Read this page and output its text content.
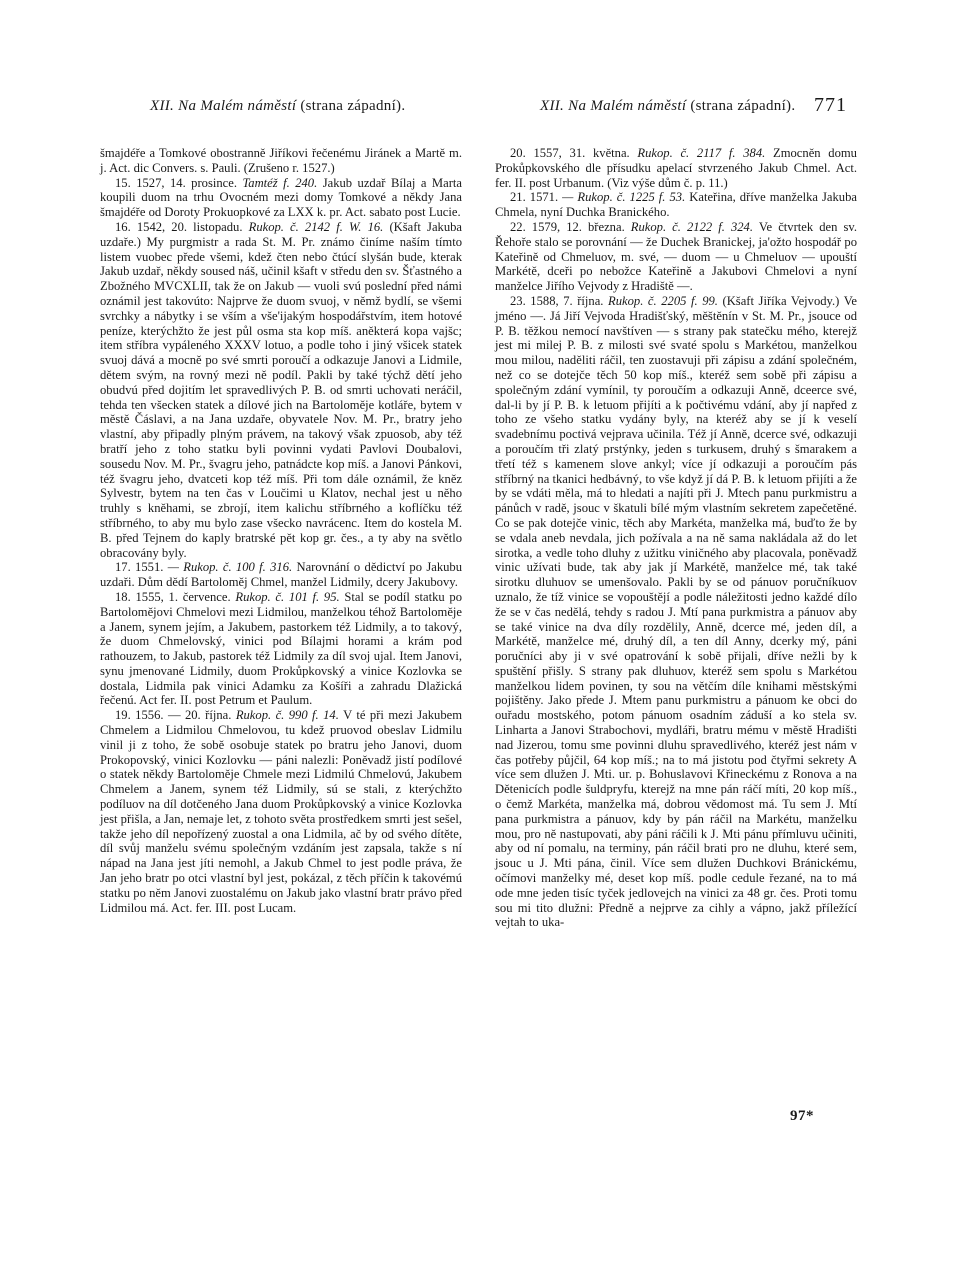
XII. Na Malém náměstí (strana západní).	XII. Na Malém náměstí (strana západní). 771

šmajdéře a Tomkové obostranně Jiříkovi řečenému Jiránek a Martě m. j. Act. dic Convers. s. Pauli. (Zrušeno r. 1527.)

15. 1527, 14. prosince. Tamtéž f. 240. Jakub uzdař Bílaj a Marta koupili duom na trhu Ovocném mezi domy Tomkové a někdy Jana šmajdéře od Doroty Prokuopkové za LXX k. pr. Act. sabato post Lucie.

16. 1542, 20. listopadu. Rukop. č. 2142 f. W. 16. (Kšaft Jakuba uzdaře.) My purgmistr a rada St. M. Pr. známo činíme naším tímto listem vuobec přede všemi, kdež čten nebo čtúcí slyšán bude, kterak Jakub uzdař, někdy soused náš, učinil kšaft v středu den sv. Šťastného a Zbožného MVCXLII, tak že on Jakub — vuoli svú poslední před námi oznámil jest takovúto: Najprve že duom svuoj, v němž bydlí, se všemi svrchky a nábytky i se vším a vše'ijakým hospodářstvím, item hotové peníze, kterýchžto že jest půl osma sta kop míš. aněkterá kopa vajšc; item stříbra vypáleného XXXV lotuo, a podle toho i jiný všicek statek svuoj dává a mocně po své smrti poroučí a odkazuje Janovi a Lidmile, dětem svým, na rovný mezi ně podíl. Pakli by také týchž dětí jeho obudvú před dojitím let spravedlivých P. B. od smrti uchovati neráčil, tehda ten všecken statek a dílové jich na Bartoloměje kotláře, bytem v městě Čáslavi, a na Jana uzdaře, obyvatele Nov. M. Pr., bratry jeho vlastní, aby připadly plným právem, na takový však zpuosob, aby též bratří jeho z toho statku byli povinni vydati Pavlovi Doubalovi, sousedu Nov. M. Pr., švagru jeho, patnádcte kop míš. a Janovi Pánkovi, též švagru jeho, dvatceti kop též míš. Při tom dále oznámil, že kněz Sylvestr, bytem na ten čas v Loučimi u Klatov, nechal jest u něho truhly s kněhami, se zbrojí, item kalichu stříbrného a koflíčku též stříbrného, to aby mu bylo zase všecko navrácenc. Item do kostela M. B. před Tejnem do kaply bratrské pět kop gr. čes., a ty aby na světlo obracovány byly.

17. 1551. — Rukop. č. 100 f. 316. Narovnání o dědictví po Jakubu uzdaři. Dům dědí Bartoloměj Chmel, manžel Lidmily, dcery Jakubovy.

18. 1555, 1. července. Rukop. č. 101 f. 95. Stal se podíl statku po Bartolomějovi Chmelovi mezi Lidmilou, manželkou téhož Bartoloměje a Janem, synem jejím, a Jakubem, pastorkem též Lidmily, a to takový, že duom Chmelovský, vinici pod Bílajmi horami a krám pod rathouzem, to Jakub, pastorek též Lidmily za díl svoj ujal. Item Janovi, synu jmenované Lidmily, duom Prokůpkovský a vinice Kozlovka se dostala, Lidmila pak vinici Adamku za Košíři a zahradu Dlažická řečenú. Act fer. II. post Petrum et Paulum.

19. 1556. — 20. října. Rukop. č. 990 f. 14. V té při mezi Jakubem Chmelem a Lidmilou Chmelovou, tu kdež pruovod obeslav Lidmilu vinil ji z toho, že sobě osobuje statek po bratru jeho Janovi, duom Prokopovský, vinici Kozlovku — páni nalezli: Poněvadž jistí podílové o statek někdy Bartoloměje Chmele mezi Lidmilú Chmelovú, Jakubem Chmelem a Janem, synem též Lidmily, sú se stali, z kterýchžto podíluov na díl dotčeného Jana duom Prokůpkovský a vinice Kozlovka jest přišla, a Jan, nemaje let, z tohoto světa prostředkem smrti jest sešel, takže jeho díl nepořízený zuostal a ona Lidmila, ač by od svého dítěte, díl svůj manželu svému společným vzdáním jest zapsala, takže s ní nápad na Jana jest jíti nemohl, a Jakub Chmel to jest podle práva, že Jan jeho bratr po otci vlastní byl jest, pokázal, z těch příčin k takovémú statku po něm Janovi zuostalému on Jakub jako vlastní bratr právo před Lidmilou má. Act. fer. III. post Lucam.

20. 1557, 31. května. Rukop. č. 2117 f. 384. Zmocněn domu Prokůpkovského dle přísudku apelací stvrzeného Jakub Chmel. Act. fer. II. post Urbanum. (Viz výše dům č. p. 11.)

21. 1571. — Rukop. č. 1225 f. 53. Kateřina, dříve manželka Jakuba Chmela, nyní Duchka Branického.

22. 1579, 12. března. Rukop. č. 2122 f. 324. Ve čtvrtek den sv. Řehoře stalo se porovnání — že Duchek Branickej, ja'ožto hospodář po Kateřině od Chmeluov, m. své, — duom — u Chmeluov — upouští Markétě, dceři po nebožce Kateřině a Jakubovi Chmelovi a nyní manželce Jiřího Vejvody z Hradiště —.

23. 1588, 7. října. Rukop. č. 2205 f. 99. (Kšaft Jiříka Vejvody.) Ve jméno —. Já Jiří Vejvoda Hradišťský, měštěnín v St. M. Pr., jsouce od P. B. těžkou nemocí navštíven — s strany pak statečku mého, kterejž jest mi milej P. B. z milosti své svaté spolu s Markétou, manželkou mou milou, naděliti ráčil, ten zuostavuji při zápisu a zdání společném, než co se dotejče těch 50 kop míš., kteréž sem sobě při zápisu a společným zdání vymínil, ty poroučím a odkazuji Anně, dceerce své, dal-li by jí P. B. k letuom přijíti a k počtivému vdání, aby jí napřed z toho ze všeho statku vydány byly, na kteréž aby se jí k veselí svadebnímu poctivá vejprava učinila. Též jí Anně, dcerce své, odkazuji a poroučím tři zlatý prstýnky, jeden s turkusem, druhý s šmarakem a třetí též s kamenem slove ankyl; více jí odkazuji a poroučím pás stříbrný na tkanici hedbávný, to vše když jí dá P. B. k letuom přijíti a že by se vdáti měla, má to hledati a najíti při J. Mtech panu purkmistru a pánůch v radě, jsouc v škatuli bílé mým vlastním sekretem zapečetěné. Co se pak dotejče vinic, těch aby Markéta, manželka má, buďto že by se vdala aneb nevdala, jich požívala a na ně sama nakládala až do let sirotka, a vedle toho dluhy z užitku viničného aby placovala, poněvadž vinic užívati bude, tak aby jak jí Markétě, manželce mé, tak také sirotku dluhuov se umenšovalo. Pakli by se od pánuov poručníkuov uznalo, že tíž vinice se vopouštějí a podle náležitosti jedno každé dílo že se v čas nedělá, tehdy s radou J. Mtí pana purkmistra a pánuov aby se také vinice na dva díly rozdělily, Anně, dcerce mé, jeden díl, a Markétě, manželce mé, druhý díl, a ten díl Anny, dcerky mý, páni poručníci aby ji v své opatrování k sobě přijali, dříve nežli by k spuštění přišly. S strany pak dluhuov, kteréž sem spolu s Markétou manželkou lidem povinen, ty sou na větčím díle knihami městskými pojištěny. Jako přede J. Mtem panu purkmistru a pánuom ke obci do ouřadu mostského, potom pánuom osadním záduší a ko stela sv. Linharta a Janovi Strabochovi, mydláři, bratru mému v městě Hradišti nad Jizerou, tomu sme povinni dluhu spravedlivého, kteréž jest nám v čas potřeby půjčil, 64 kop míš.; na to má jistotu pod čtyřmi sekrety A více sem dlužen J. Mti. ur. p. Bohuslavovi Křineckému z Ronova a na Dětenicích podle šuldpryfu, kterejž na mne pán ráčí míti, 20 kop míš., o čemž Markéta, manželka má, dobrou vědomost má. Tu sem J. Mtí pana purkmistra a pánuov, kdy by pán ráčil na Markétu, manželku mou, pro ně nastupovati, aby páni ráčili k J. Mti pánu přímluvu učiniti, aby od ní pomalu, na terminy, pán ráčil brati pro ne dluhu, které sem, jsouc u J. Mti pána, činil. Více sem dlužen Duchkovi Bránickému, očímovi manželky mé, deset kop míš. podle cedule řezané, na to má ode mne jeden tisíc tyček jedlovejch na vinici za 48 gr. čes. Proti tomu sou mi tito dlužni: Předně a nejprve za cihly a vápno, jakž příležící vejtah to uka-

97*
